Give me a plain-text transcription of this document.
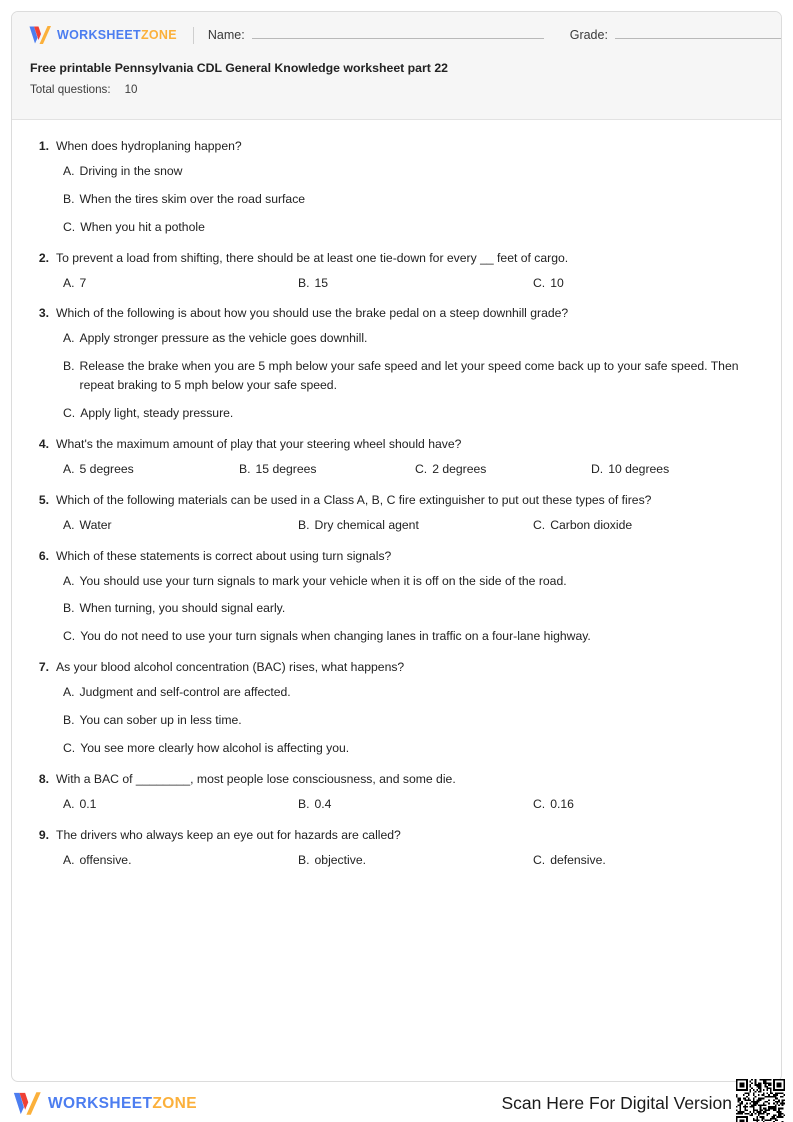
WORKSHEETZONE Name:	Grade:

Free printable Pennsylvania CDL General Knowledge worksheet part 22

Total questions: 10

1. When does hydroplaning happen?
A. Driving in the snow
B. When the tires skim over the road surface
C. When you hit a pothole
2. To prevent a load from shifting, there should be at least one tie-down for every __ feet of cargo.
A. 7	B. 15	C. 10
3. Which of the following is about how you should use the brake pedal on a steep downhill grade?
A. Apply stronger pressure as the vehicle goes downhill.
B. Release the brake when you are 5 mph below your safe speed and let your speed come back up to your safe speed. Then repeat braking to 5 mph below your safe speed.
C. Apply light, steady pressure.
4. What's the maximum amount of play that your steering wheel should have?
A. 5 degrees	B. 15 degrees	C. 2 degrees	D. 10 degrees
5. Which of the following materials can be used in a Class A, B, C fire extinguisher to put out these types of fires?
A. Water	B. Dry chemical agent	C. Carbon dioxide
6. Which of these statements is correct about using turn signals?
A. You should use your turn signals to mark your vehicle when it is off on the side of the road.
B. When turning, you should signal early.
C. You do not need to use your turn signals when changing lanes in traffic on a four-lane highway.
7. As your blood alcohol concentration (BAC) rises, what happens?
A. Judgment and self-control are affected.
B. You can sober up in less time.
C. You see more clearly how alcohol is affecting you.
8. With a BAC of ________, most people lose consciousness, and some die.
A. 0.1	B. 0.4	C. 0.16
9. The drivers who always keep an eye out for hazards are called?
A. offensive.	B. objective.	C. defensive.
WORKSHEETZONE	Scan Here For Digital Version
